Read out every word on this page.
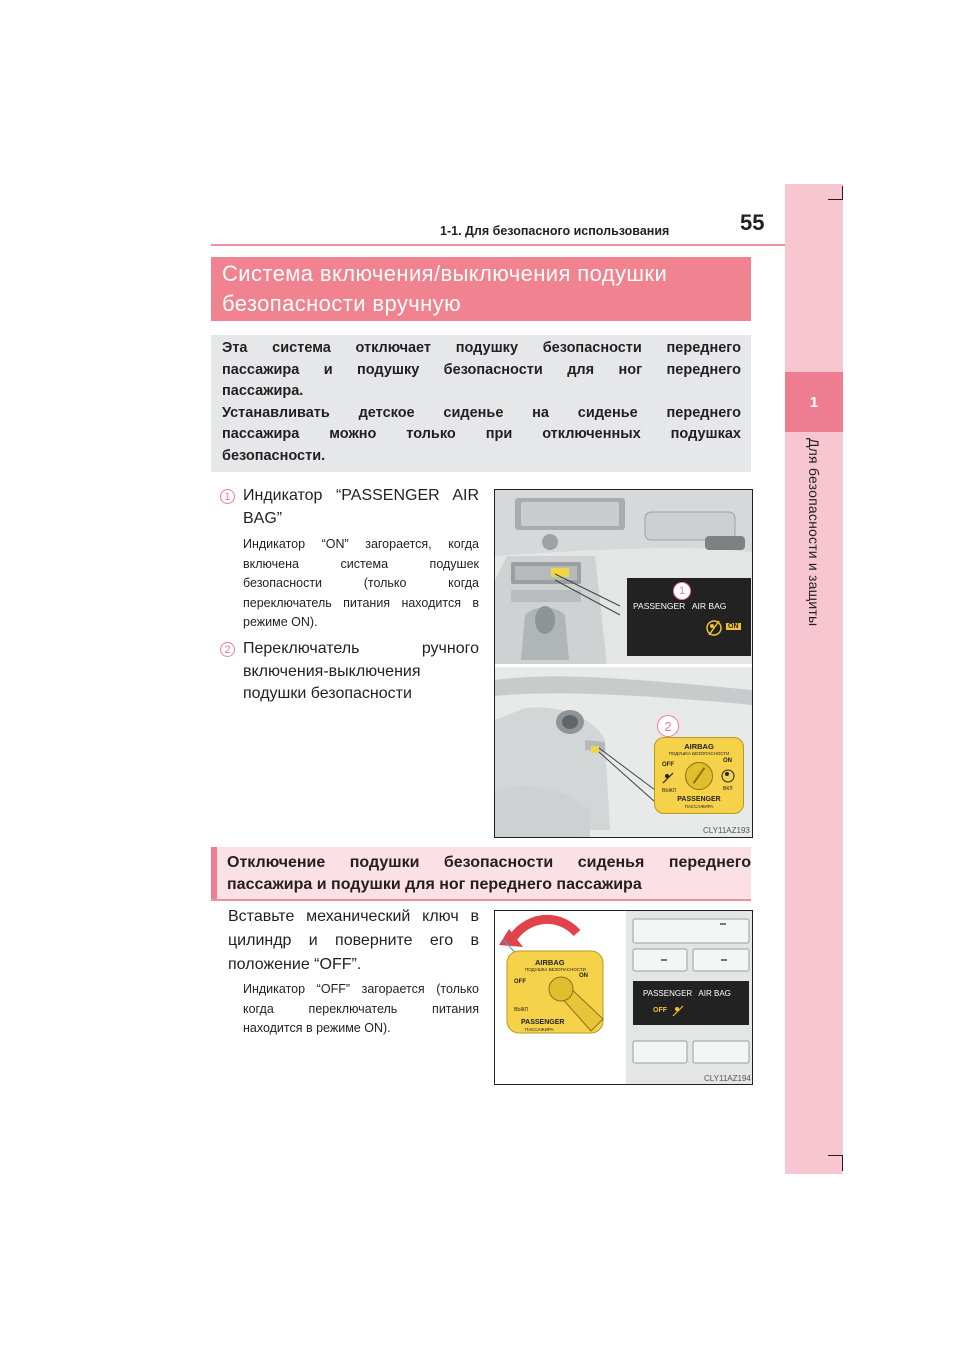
1
Для безопасности и защиты
1-1. Для безопасного использования	55
Система включения/выключения подушки
безопасности вручную

Эта система отключает подушку безопасности переднего

пассажира и подушку безопасности для ног переднего

пассажира.

Устанавливать детское сиденье на сиденье переднего

пассажира можно только при отключенных подушках

безопасности.

1 Индикатор “PASSENGER AIR
BAG”
Индикатор “ON” загорается, когда
включена система подушек
безопасности (только когда
переключатель питания находится в
режиме ON).
2 Переключатель ручного
включения-выключения
подушки безопасности
PASSENGER   AIR BAG
ON
1
2
AIRBAG
ПОДУШКА БЕЗОПАСНОСТИ
OFF
ВЫКЛ
ON
ВКЛ
PASSENGER
ПАССАЖИРА
CLY11AZ193
Отключение подушки безопасности сиденья переднего
пассажира и подушки для ног переднего пассажира
Вставьте механический ключ в
цилиндр и поверните его в
положение “OFF”.
Индикатор “OFF” загорается (только
когда переключатель питания
находится в режиме ON).
AIRBAG
ПОДУШКА БЕЗОПАСНОСТИ
OFF
ВЫКЛ
ON
PASSENGER
ПАССАЖИРА
PASSENGER   AIR BAG
OFF
CLY11AZ194
